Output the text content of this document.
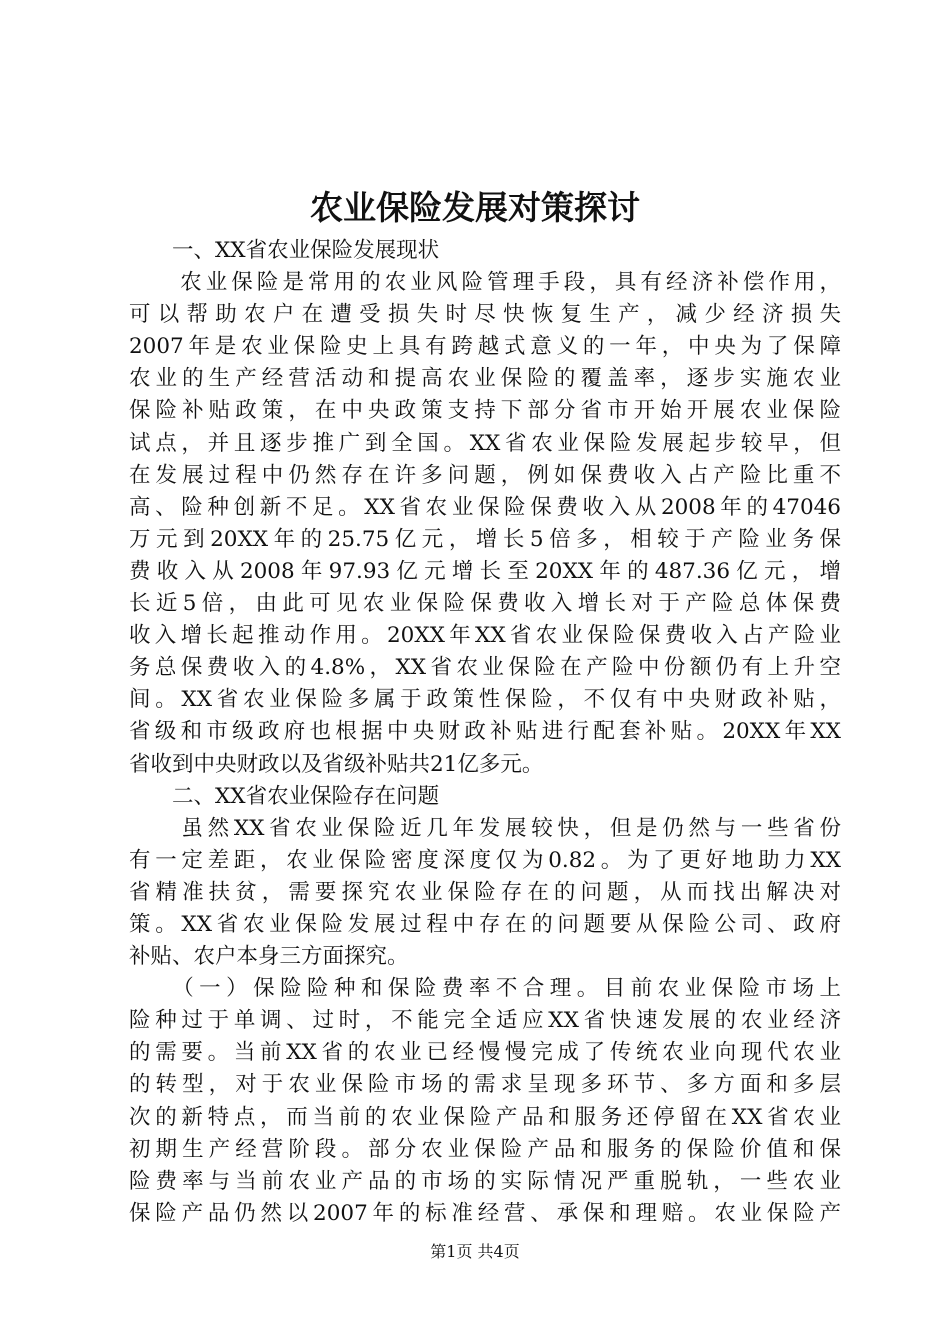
农业保险发展对策探讨
　　一、XX省农业保险发展现状
　　农业保险是常用的农业风险管理手段，具有经济补偿作用，
可以帮助农户在遭受损失时尽快恢复生产，减少经济损失
2007年是农业保险史上具有跨越式意义的一年，中央为了保障
农业的生产经营活动和提高农业保险的覆盖率，逐步实施农业
保险补贴政策，在中央政策支持下部分省市开始开展农业保险
试点，并且逐步推广到全国。XX省农业保险发展起步较早，但
在发展过程中仍然存在许多问题，例如保费收入占产险比重不
高、险种创新不足。XX省农业保险保费收入从2008年的47046
万元到20XX年的25.75亿元，增长5倍多，相较于产险业务保
费收入从2008年97.93亿元增长至20XX年的487.36亿元，增
长近5倍，由此可见农业保险保费收入增长对于产险总体保费
收入增长起推动作用。20XX年XX省农业保险保费收入占产险业
务总保费收入的4.8%，XX省农业保险在产险中份额仍有上升空
间。XX省农业保险多属于政策性保险，不仅有中央财政补贴，
省级和市级政府也根据中央财政补贴进行配套补贴。20XX年XX
省收到中央财政以及省级补贴共21亿多元。
　　二、XX省农业保险存在问题
　　虽然XX省农业保险近几年发展较快，但是仍然与一些省份
有一定差距，农业保险密度深度仅为0.82。为了更好地助力XX
省精准扶贫，需要探究农业保险存在的问题，从而找出解决对
策。XX省农业保险发展过程中存在的问题要从保险公司、政府
补贴、农户本身三方面探究。
　　（一）保险险种和保险费率不合理。目前农业保险市场上
险种过于单调、过时，不能完全适应XX省快速发展的农业经济
的需要。当前XX省的农业已经慢慢完成了传统农业向现代农业
的转型，对于农业保险市场的需求呈现多环节、多方面和多层
次的新特点，而当前的农业保险产品和服务还停留在XX省农业
初期生产经营阶段。部分农业保险产品和服务的保险价值和保
险费率与当前农业产品的市场的实际情况严重脱轨，一些农业
保险产品仍然以2007年的标准经营、承保和理赔。农业保险产
第1页 共4页
